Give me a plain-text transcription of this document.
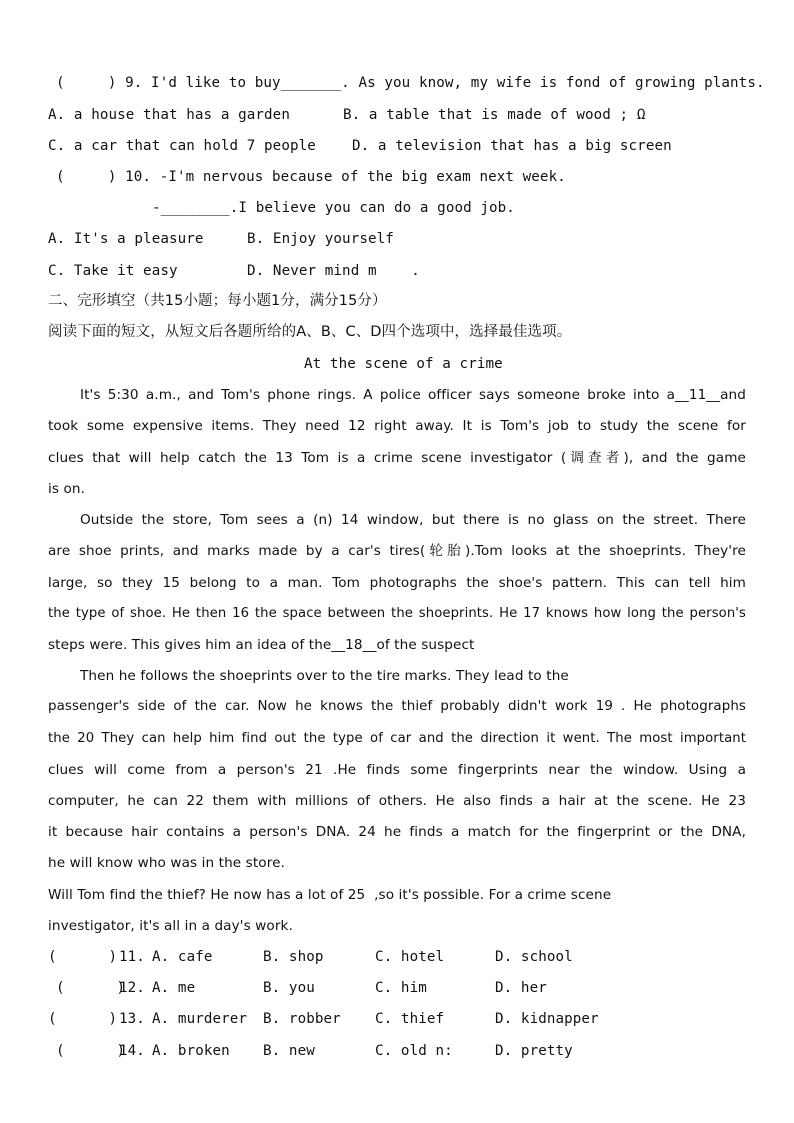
(     ) 9. I'd like to buy_______. As you know, my wife is fond of growing plants.
A. a house that has a garden	B. a table that is made of wood ; Ω
C. a car that can hold 7 people	D. a television that has a big screen
(     ) 10. -I'm nervous because of the big exam next week.
-________.I believe you can do a good job.
A. It's a pleasure	B. Enjoy yourself
C. Take it easy	D. Never mind m    .
二、完形填空（共15小题；每小题1分，满分15分）
阅读下面的短文，从短文后各题所给的A、B、C、D四个选项中，选择最佳选项。
At the scene of a crime
It's 5:30 a.m., and Tom's phone rings. A police officer says someone broke into a__11__and
took some expensive items. They need 12 right away. It is Tom's job to study the scene for
clues that will help catch the 13 Tom is a crime scene investigator (调查者), and the game
is on.
Outside the store, Tom sees a (n) 14 window, but there is no glass on the street. There
are shoe prints, and marks made by a car's tires(轮胎).Tom looks at the shoeprints. They're
large, so they 15 belong to a man. Tom photographs the shoe's pattern. This can tell him
the type of shoe. He then 16 the space between the shoeprints. He 17 knows how long the person's
steps were. This gives him an idea of the__18__of the suspect
Then he follows the shoeprints over to the tire marks. They lead to the
passenger's side of the car. Now he knows the thief probably didn't work 19 . He photographs
the 20 They can help him find out the type of car and the direction it went. The most important
clues will come from a person's 21 .He finds some fingerprints near the window. Using a
computer, he can 22 them with millions of others. He also finds a hair at the scene. He 23
it because hair contains a person's DNA. 24 he finds a match for the fingerprint or the DNA,
he will know who was in the store.
Will Tom find the thief? He now has a lot of 25  ,so it's possible. For a crime scene
investigator, it's all in a day's work.
(      ) 11. A. cafe	B. shop	C. hotel	D. school
(      )
12. A. me	B. you	C. him	D. her
(      ) 13. A. murderer B. robber C. thief	D. kidnapper
(      )
14. A. broken B. new	C. old n:	D. pretty
